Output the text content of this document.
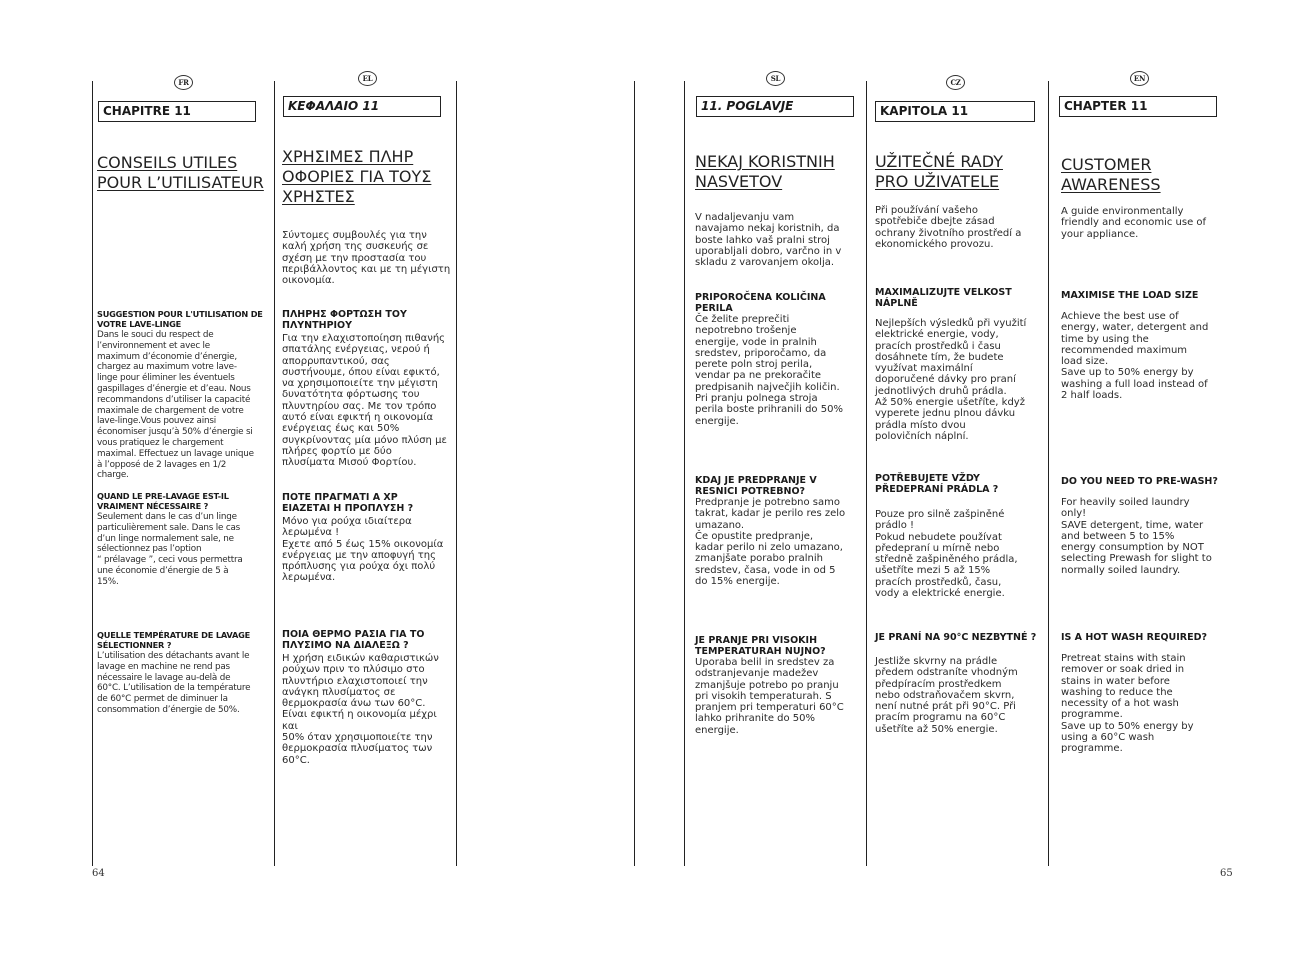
64	65
FR
CHAPITRE 11
CONSEILS UTILES
POUR L’UTILISATEUR
SUGGESTION POUR L'UTILISATION DE
VOTRE LAVE-LINGE
Dans le souci du respect de
l’environnement et avec le
maximum d’économie d’énergie,
chargez au maximum votre lave-
linge pour éliminer les éventuels
gaspillages d’énergie et d’eau. Nous
recommandons d’utiliser la capacité
maximale de chargement de votre
lave-linge.Vous pouvez ainsi
économiser jusqu’à 50% d’énergie si
vous pratiquez le chargement
maximal. Effectuez un lavage unique
à l’opposé de 2 lavages en 1/2
charge.
QUAND LE PRE-LAVAGE EST-IL
VRAIMENT NÉCESSAIRE ?
Seulement dans le cas d’un linge
particulièrement sale. Dans le cas
d’un linge normalement sale, ne
sélectionnez pas l’option
“ prélavage ”, ceci vous permettra
une économie d’énergie de 5 à
15%.
QUELLE TEMPÉRATURE DE LAVAGE
SÉLECTIONNER ?
L’utilisation des détachants avant le
lavage en machine ne rend pas
nécessaire le lavage au-delà de
60°C. L’utilisation de la température
de 60°C permet de diminuer la
consommation d’énergie de 50%.
EL
ΚΕΦΑΛΑΙΟ 11
ΧΡΗΣΙΜΕΣ ΠΛΗΡ
ΟΦΟΡΙΕΣ ΓΙΑ ΤΟΥΣ
ΧΡΗΣΤΕΣ
Σύντομες συμβουλές για την
καλή χρήση της συσκευής σε
σχέση με την προστασία του
περιβάλλοντος και με τη μέγιστη
οικονομία.
ΠΛΗΡΗΣ ΦΟΡΤΩΣΗ ΤΟΥ
ΠΛΥΝΤΗΡΙΟΥ
Για την ελαχιστοποίηση πιθανής
σπατάλης ενέργειας, νερού ή
απορρυπαντικού, σας
συστήνουμε, όπου είναι εφικτό,
να χρησιμοποιείτε την μέγιστη
δυνατότητα φόρτωσης του
πλυντηρίου σας. Με τον τρόπο
αυτό είναι εφικτή η οικονομία
ενέργειας έως και 50%
συγκρίνοντας μία μόνο πλύση με
πλήρες φορτίο με δύο
πλυσίματα Μισού Φορτίου.
ΠΟΤΕ ΠΡΑΓΜΑΤΙ Α ΧΡ
ΕΙΑΖΕΤΑΙ Η ΠΡΟΠΛΥΣΗ ?
Μόνο για ρούχα ιδιαίτερα
λερωμένα !
Εχετε από 5 έως 15% οικονομία
ενέργειας με την αποφυγή της
πρόπλυσης για ρούχα όχι πολύ
λερωμένα.
ΠΟΙΑ ΘΕΡΜΟ ΡΑΣΙΑ ΓΙΑ ΤΟ
ΠΛΥΣΙΜΟ ΝΑ ΔΙΑΛΕΞΩ ?
Η χρήση ειδικών καθαριστικών
ρούχων πριν το πλύσιμο στο
πλυντήριο ελαχιστοποιεί την
ανάγκη πλυσίματος σε
θερμοκρασία άνω των 60°C.
Είναι εφικτή η οικονομία μέχρι και
50% όταν χρησιμοποιείτε την
θερμοκρασία πλυσίματος των
60°C.
SL
11. POGLAVJE
NEKAJ KORISTNIH
NASVETOV
V nadaljevanju vam
navajamo nekaj koristnih, da
boste lahko vaš pralni stroj
uporabljali dobro, varčno in v
skladu z varovanjem okolja.
PRIPOROČENA KOLIČINA
PERILA
Če želite preprečiti
nepotrebno trošenje
energije, vode in pralnih
sredstev, priporočamo, da
perete poln stroj perila,
vendar pa ne prekoračite
predpisanih največjih količin.
Pri pranju polnega stroja
perila boste prihranili do 50%
energije.
KDAJ JE PREDPRANJE V
RESNICI POTREBNO?
Predpranje je potrebno samo
takrat, kadar je perilo res zelo
umazano.
Če opustite predpranje,
kadar perilo ni zelo umazano,
zmanjšate porabo pralnih
sredstev, časa, vode in od 5
do 15% energije.
JE PRANJE PRI VISOKIH
TEMPERATURAH NUJNO?
Uporaba belil in sredstev za
odstranjevanje madežev
zmanjšuje potrebo po pranju
pri visokih temperaturah. S
pranjem pri temperaturi 60°C
lahko prihranite do 50%
energije.
CZ
KAPITOLA 11
UŽITEČNÉ RADY
PRO UŽIVATELE
Při používání vašeho
spotřebiče dbejte zásad
ochrany životního prostředí a
ekonomického provozu.
MAXIMALIZUJTE VELKOST
NÁPLNĚ
Nejlepších výsledků při využití
elektrické energie, vody,
pracích prostředků i času
dosáhnete tím, že budete
využívat maximální
doporučené dávky pro praní
jednotlivých druhů prádla.
Až 50% energie ušetříte, když
vyperete jednu plnou dávku
prádla místo dvou
polovičních náplní.
POTŘEBUJETE VŽDY
PŘEDEPRANÍ PRÁDLA ?
Pouze pro silně zašpiněné
prádlo !
Pokud nebudete používat
předepraní u mírně nebo
středně zašpiněného prádla,
ušetříte mezi 5 až 15%
pracích prostředků, času,
vody a elektrické energie.
JE PRANÍ NA 90°C NEZBYTNÉ ?
Jestliže skvrny na prádle
předem odstraníte vhodným
předpíracím prostředkem
nebo odstraňovačem skvrn,
není nutné prát při 90°C. Při
pracím programu na 60°C
ušetříte až 50% energie.
EN
CHAPTER 11
CUSTOMER
AWARENESS
A guide environmentally
friendly and economic use of
your appliance.
MAXIMISE THE LOAD SIZE
Achieve the best use of
energy, water, detergent and
time by using the
recommended maximum
load size.
Save up to 50% energy by
washing a full load instead of
2 half loads.
DO YOU NEED TO PRE-WASH?
For heavily soiled laundry
only!
SAVE detergent, time, water
and between 5 to 15%
energy consumption by NOT
selecting Prewash for slight to
normally soiled laundry.
IS A HOT WASH REQUIRED?
Pretreat stains with stain
remover or soak dried in
stains in water before
washing to reduce the
necessity of a hot wash
programme.
Save up to 50% energy by
using a 60°C wash
programme.
